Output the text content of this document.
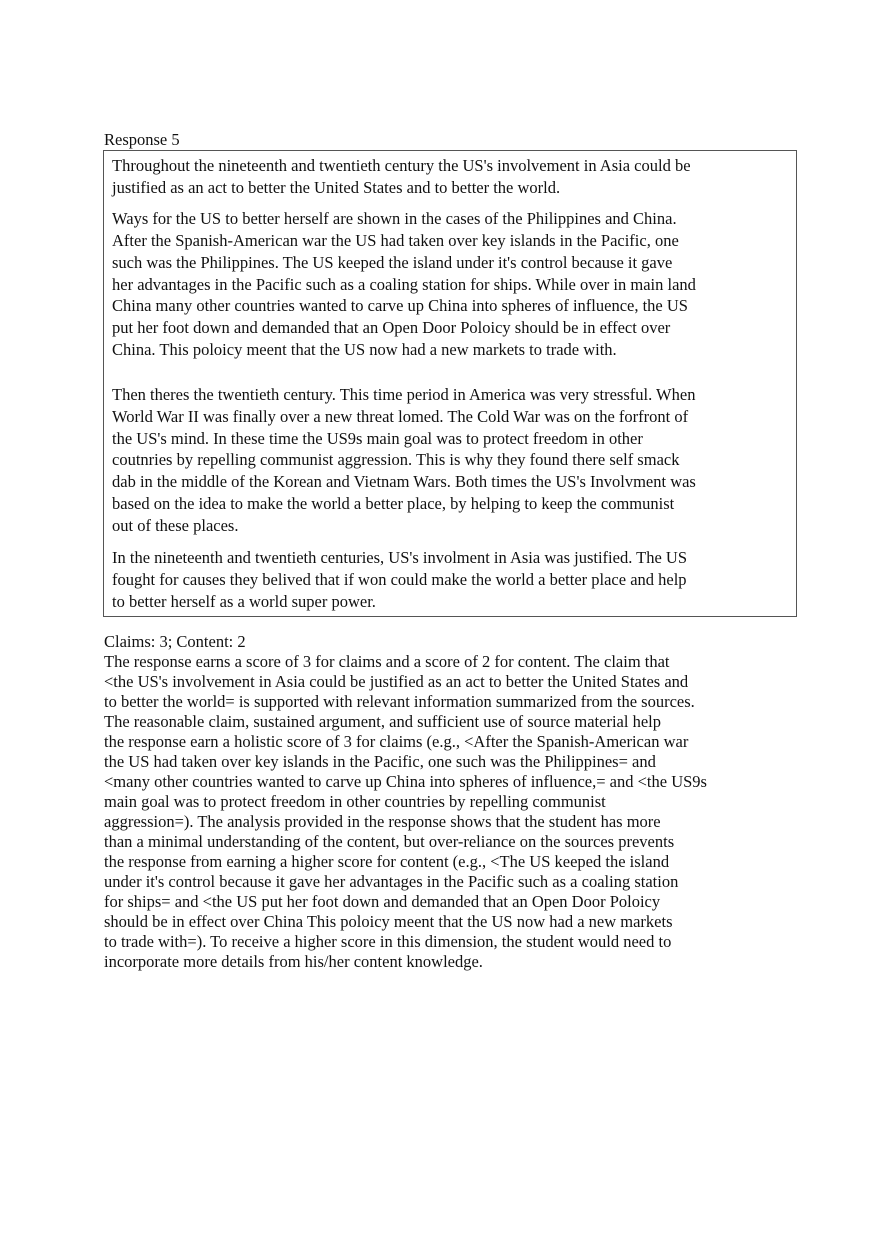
Response 5

Throughout the nineteenth and twentieth century the US's involvement in Asia could be
justified as an act to better the United States and to better the world.

Ways for the US to better herself are shown in the cases of the Philippines and China.
After the Spanish-American war the US had taken over key islands in the Pacific, one
such was the Philippines. The US keeped the island under it's control because it gave
her advantages in the Pacific such as a coaling station for ships. While over in main land
China many other countries wanted to carve up China into spheres of influence, the US
put her foot down and demanded that an Open Door Poloicy should be in effect over
China. This poloicy meent that the US now had a new markets to trade with.

Then theres the twentieth century. This time period in America was very stressful. When
World War II was finally over a new threat lomed. The Cold War was on the forfront of
the US's mind. In these time the US9s main goal was to protect freedom in other
coutnries by repelling communist aggression. This is why they found there self smack
dab in the middle of the Korean and Vietnam Wars. Both times the US's Involvment was
based on the idea to make the world a better place, by helping to keep the communist
out of these places.

In the nineteenth and twentieth centuries, US's involment in Asia was justified. The US
fought for causes they belived that if won could make the world a better place and help
to better herself as a world super power.

Claims: 3; Content: 2
The response earns a score of 3 for claims and a score of 2 for content. The claim that
<the US's involvement in Asia could be justified as an act to better the United States and
to better the world= is supported with relevant information summarized from the sources.
The reasonable claim, sustained argument, and sufficient use of source material help
the response earn a holistic score of 3 for claims (e.g., <After the Spanish-American war
the US had taken over key islands in the Pacific, one such was the Philippines= and
<many other countries wanted to carve up China into spheres of influence,= and <the US9s
main goal was to protect freedom in other countries by repelling communist
aggression=). The analysis provided in the response shows that the student has more
than a minimal understanding of the content, but over-reliance on the sources prevents
the response from earning a higher score for content (e.g., <The US keeped the island
under it's control because it gave her advantages in the Pacific such as a coaling station
for ships= and <the US put her foot down and demanded that an Open Door Poloicy
should be in effect over China This poloicy meent that the US now had a new markets
to trade with=). To receive a higher score in this dimension, the student would need to
incorporate more details from his/her content knowledge.
